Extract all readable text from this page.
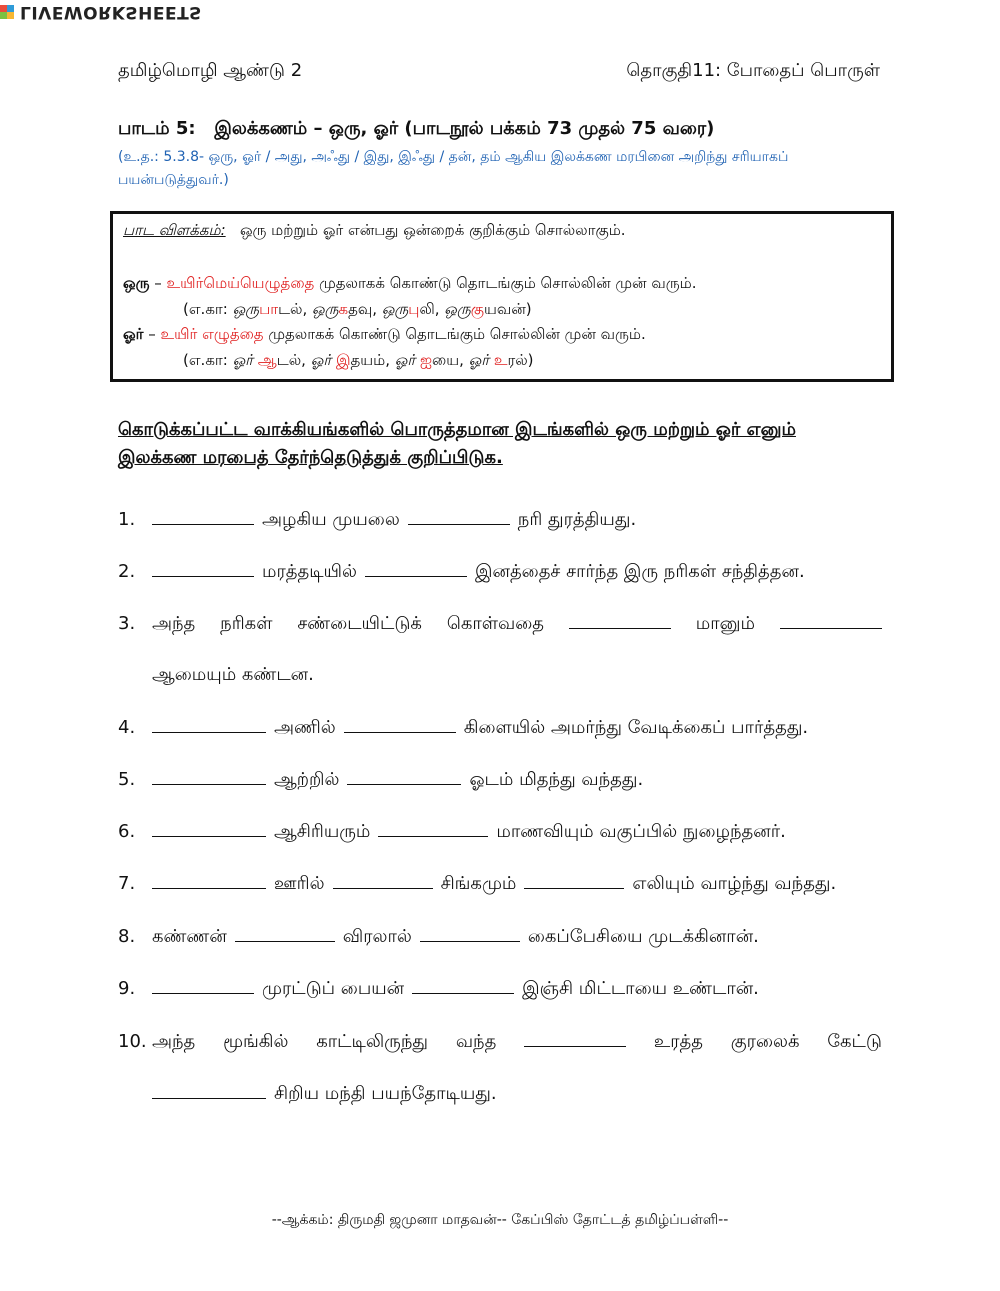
LIVEWORKSHEETS
தமிழ்மொழி ஆண்டு 2	தொகுதி11: போதைப் பொருள்
பாடம் 5:   இலக்கணம் – ஒரு, ஓர் (பாடநூல் பக்கம் 73 முதல் 75 வரை)
(உ.த.: 5.3.8- ஒரு, ஓர் / அது, அஃது / இது, இஃது / தன், தம் ஆகிய இலக்கண மரபினை அறிந்து சரியாகப் பயன்படுத்துவர்.)
பாட விளக்கம்: ஒரு மற்றும் ஓர் என்பது ஒன்றைக் குறிக்கும் சொல்லாகும்.
ஒரு – உயிர்மெய்யெழுத்தை முதலாகக் கொண்டு தொடங்கும் சொல்லின் முன் வரும்.
(எ.கா: ஒருபாடல், ஒருகதவு, ஒருபுலி, ஒருகுயவன்)
ஓர் – உயிர் எழுத்தை முதலாகக் கொண்டு தொடங்கும் சொல்லின் முன் வரும்.
(எ.கா: ஓர் ஆடல், ஓர் இதயம், ஓர் ஐயை, ஓர் உரல்)
கொடுக்கப்பட்ட வாக்கியங்களில் பொருத்தமான இடங்களில் ஒரு மற்றும் ஓர் எனும்
இலக்கண மரபைத் தேர்ந்தெடுத்துக் குறிப்பிடுக.
1.	அழகிய முயலை	நரி துரத்தியது.
2.	மரத்தடியில்	இனத்தைச் சார்ந்த இரு நரிகள் சந்தித்தன.
3. அந்த நரிகள் சண்டையிட்டுக் கொள்வதை	மானும்
ஆமையும் கண்டன.
4.	அணில்	கிளையில் அமர்ந்து வேடிக்கைப் பார்த்தது.
5.	ஆற்றில்	ஓடம் மிதந்து வந்தது.
6.	ஆசிரியரும்	மாணவியும் வகுப்பில் நுழைந்தனர்.
7.	ஊரில்	சிங்கமும்	எலியும் வாழ்ந்து வந்தது.
8. கண்ணன்	விரலால்	கைப்பேசியை முடக்கினான்.
9.	முரட்டுப் பையன்	இஞ்சி மிட்டாயை உண்டான்.
10. அந்த மூங்கில் காட்டிலிருந்து வந்த	உரத்த குரலைக் கேட்டு
சிறிய மந்தி பயந்தோடியது.
--ஆக்கம்: திருமதி ஜமுனா மாதவன்-- கேப்பிஸ் தோட்டத் தமிழ்ப்பள்ளி--
